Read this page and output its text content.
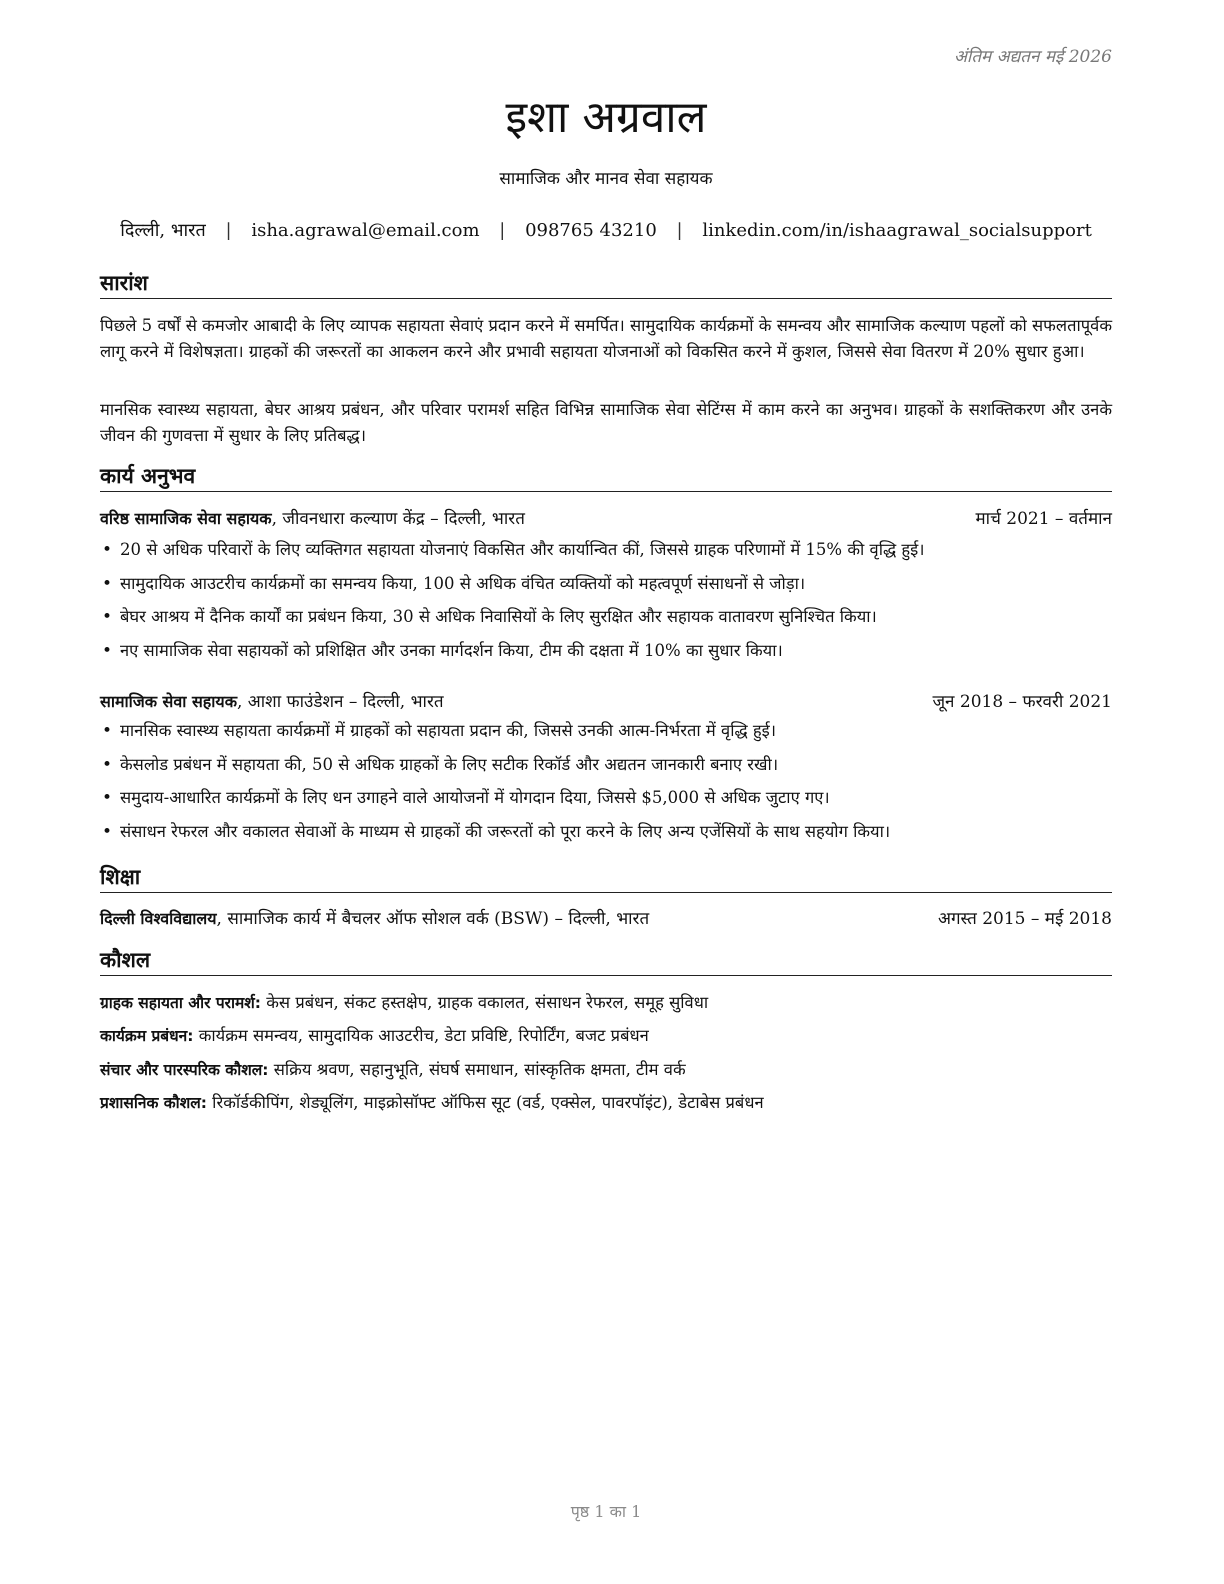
अंतिम अद्यतन मई 2026
इशा अग्रवाल
सामाजिक और मानव सेवा सहायक
दिल्ली, भारत | isha.agrawal@email.com | 098765 43210 | linkedin.com/in/ishaagrawal_socialsupport
सारांश
पिछले 5 वर्षों से कमजोर आबादी के लिए व्यापक सहायता सेवाएं प्रदान करने में समर्पित। सामुदायिक कार्यक्रमों के समन्वय और सामाजिक कल्याण पहलों को सफलतापूर्वक लागू करने में विशेषज्ञता। ग्राहकों की जरूरतों का आकलन करने और प्रभावी सहायता योजनाओं को विकसित करने में कुशल, जिससे सेवा वितरण में 20% सुधार हुआ।
मानसिक स्वास्थ्य सहायता, बेघर आश्रय प्रबंधन, और परिवार परामर्श सहित विभिन्न सामाजिक सेवा सेटिंग्स में काम करने का अनुभव। ग्राहकों के सशक्तिकरण और उनके जीवन की गुणवत्ता में सुधार के लिए प्रतिबद्ध।
कार्य अनुभव
वरिष्ठ सामाजिक सेवा सहायक, जीवनधारा कल्याण केंद्र – दिल्ली, भारत	मार्च 2021 – वर्तमान
• 20 से अधिक परिवारों के लिए व्यक्तिगत सहायता योजनाएं विकसित और कार्यान्वित कीं, जिससे ग्राहक परिणामों में 15% की वृद्धि हुई।
• सामुदायिक आउटरीच कार्यक्रमों का समन्वय किया, 100 से अधिक वंचित व्यक्तियों को महत्वपूर्ण संसाधनों से जोड़ा।
• बेघर आश्रय में दैनिक कार्यों का प्रबंधन किया, 30 से अधिक निवासियों के लिए सुरक्षित और सहायक वातावरण सुनिश्चित किया।
• नए सामाजिक सेवा सहायकों को प्रशिक्षित और उनका मार्गदर्शन किया, टीम की दक्षता में 10% का सुधार किया।
सामाजिक सेवा सहायक, आशा फाउंडेशन – दिल्ली, भारत	जून 2018 – फरवरी 2021
• मानसिक स्वास्थ्य सहायता कार्यक्रमों में ग्राहकों को सहायता प्रदान की, जिससे उनकी आत्म-निर्भरता में वृद्धि हुई।
• केसलोड प्रबंधन में सहायता की, 50 से अधिक ग्राहकों के लिए सटीक रिकॉर्ड और अद्यतन जानकारी बनाए रखी।
• समुदाय-आधारित कार्यक्रमों के लिए धन उगाहने वाले आयोजनों में योगदान दिया, जिससे $5,000 से अधिक जुटाए गए।
• संसाधन रेफरल और वकालत सेवाओं के माध्यम से ग्राहकों की जरूरतों को पूरा करने के लिए अन्य एजेंसियों के साथ सहयोग किया।
शिक्षा
दिल्ली विश्वविद्यालय, सामाजिक कार्य में बैचलर ऑफ सोशल वर्क (BSW) – दिल्ली, भारत	अगस्त 2015 – मई 2018
कौशल
ग्राहक सहायता और परामर्श: केस प्रबंधन, संकट हस्तक्षेप, ग्राहक वकालत, संसाधन रेफरल, समूह सुविधा
कार्यक्रम प्रबंधन: कार्यक्रम समन्वय, सामुदायिक आउटरीच, डेटा प्रविष्टि, रिपोर्टिंग, बजट प्रबंधन
संचार और पारस्परिक कौशल: सक्रिय श्रवण, सहानुभूति, संघर्ष समाधान, सांस्कृतिक क्षमता, टीम वर्क
प्रशासनिक कौशल: रिकॉर्डकीपिंग, शेड्यूलिंग, माइक्रोसॉफ्ट ऑफिस सूट (वर्ड, एक्सेल, पावरपॉइंट), डेटाबेस प्रबंधन
पृष्ठ 1 का 1
